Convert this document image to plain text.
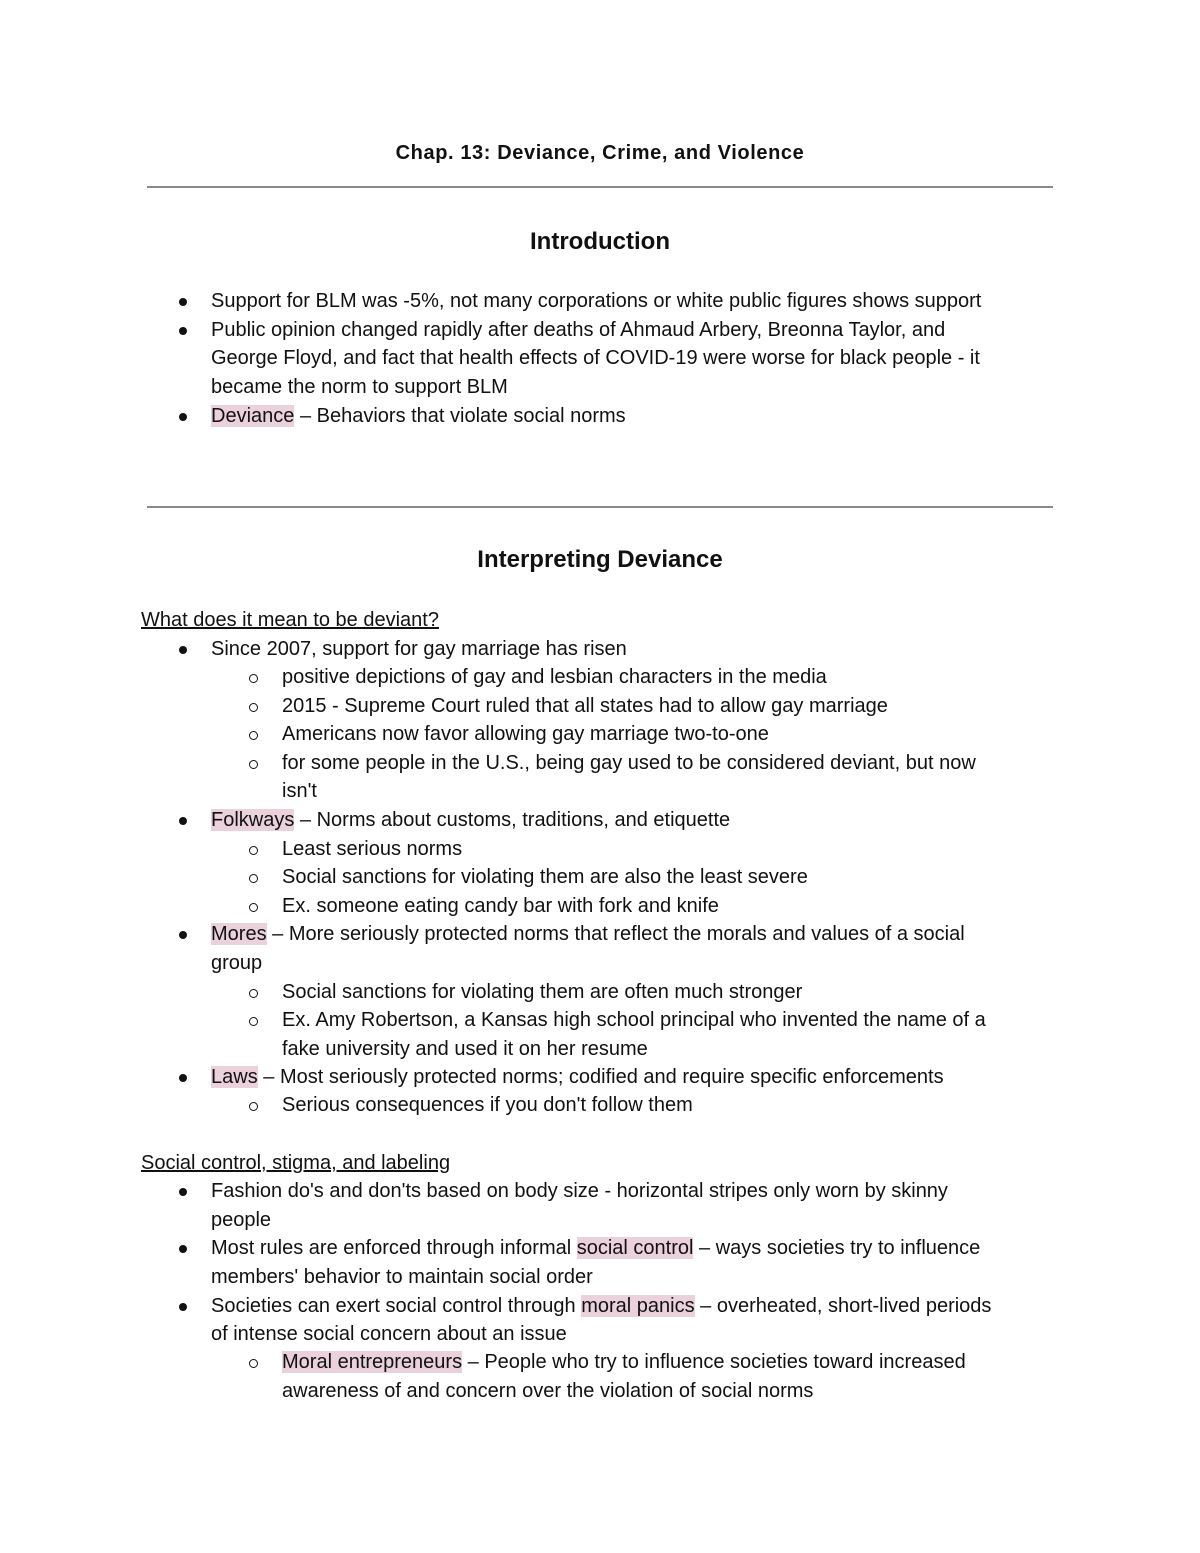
Chap. 13: Deviance, Crime, and Violence
Introduction
Support for BLM was -5%, not many corporations or white public figures shows support
Public opinion changed rapidly after deaths of Ahmaud Arbery, Breonna Taylor, and
George Floyd, and fact that health effects of COVID-19 were worse for black people - it
became the norm to support BLM
Deviance – Behaviors that violate social norms
Interpreting Deviance
What does it mean to be deviant?
Since 2007, support for gay marriage has risen
positive depictions of gay and lesbian characters in the media
2015 - Supreme Court ruled that all states had to allow gay marriage
Americans now favor allowing gay marriage two-to-one
for some people in the U.S., being gay used to be considered deviant, but now
isn't
Folkways – Norms about customs, traditions, and etiquette
Least serious norms
Social sanctions for violating them are also the least severe
Ex. someone eating candy bar with fork and knife
Mores – More seriously protected norms that reflect the morals and values of a social
group
Social sanctions for violating them are often much stronger
Ex. Amy Robertson, a Kansas high school principal who invented the name of a
fake university and used it on her resume
Laws – Most seriously protected norms; codified and require specific enforcements
Serious consequences if you don't follow them
Social control, stigma, and labeling
Fashion do's and don'ts based on body size - horizontal stripes only worn by skinny
people
Most rules are enforced through informal social control – ways societies try to influence
members' behavior to maintain social order
Societies can exert social control through moral panics – overheated, short-lived periods
of intense social concern about an issue
Moral entrepreneurs – People who try to influence societies toward increased
awareness of and concern over the violation of social norms
